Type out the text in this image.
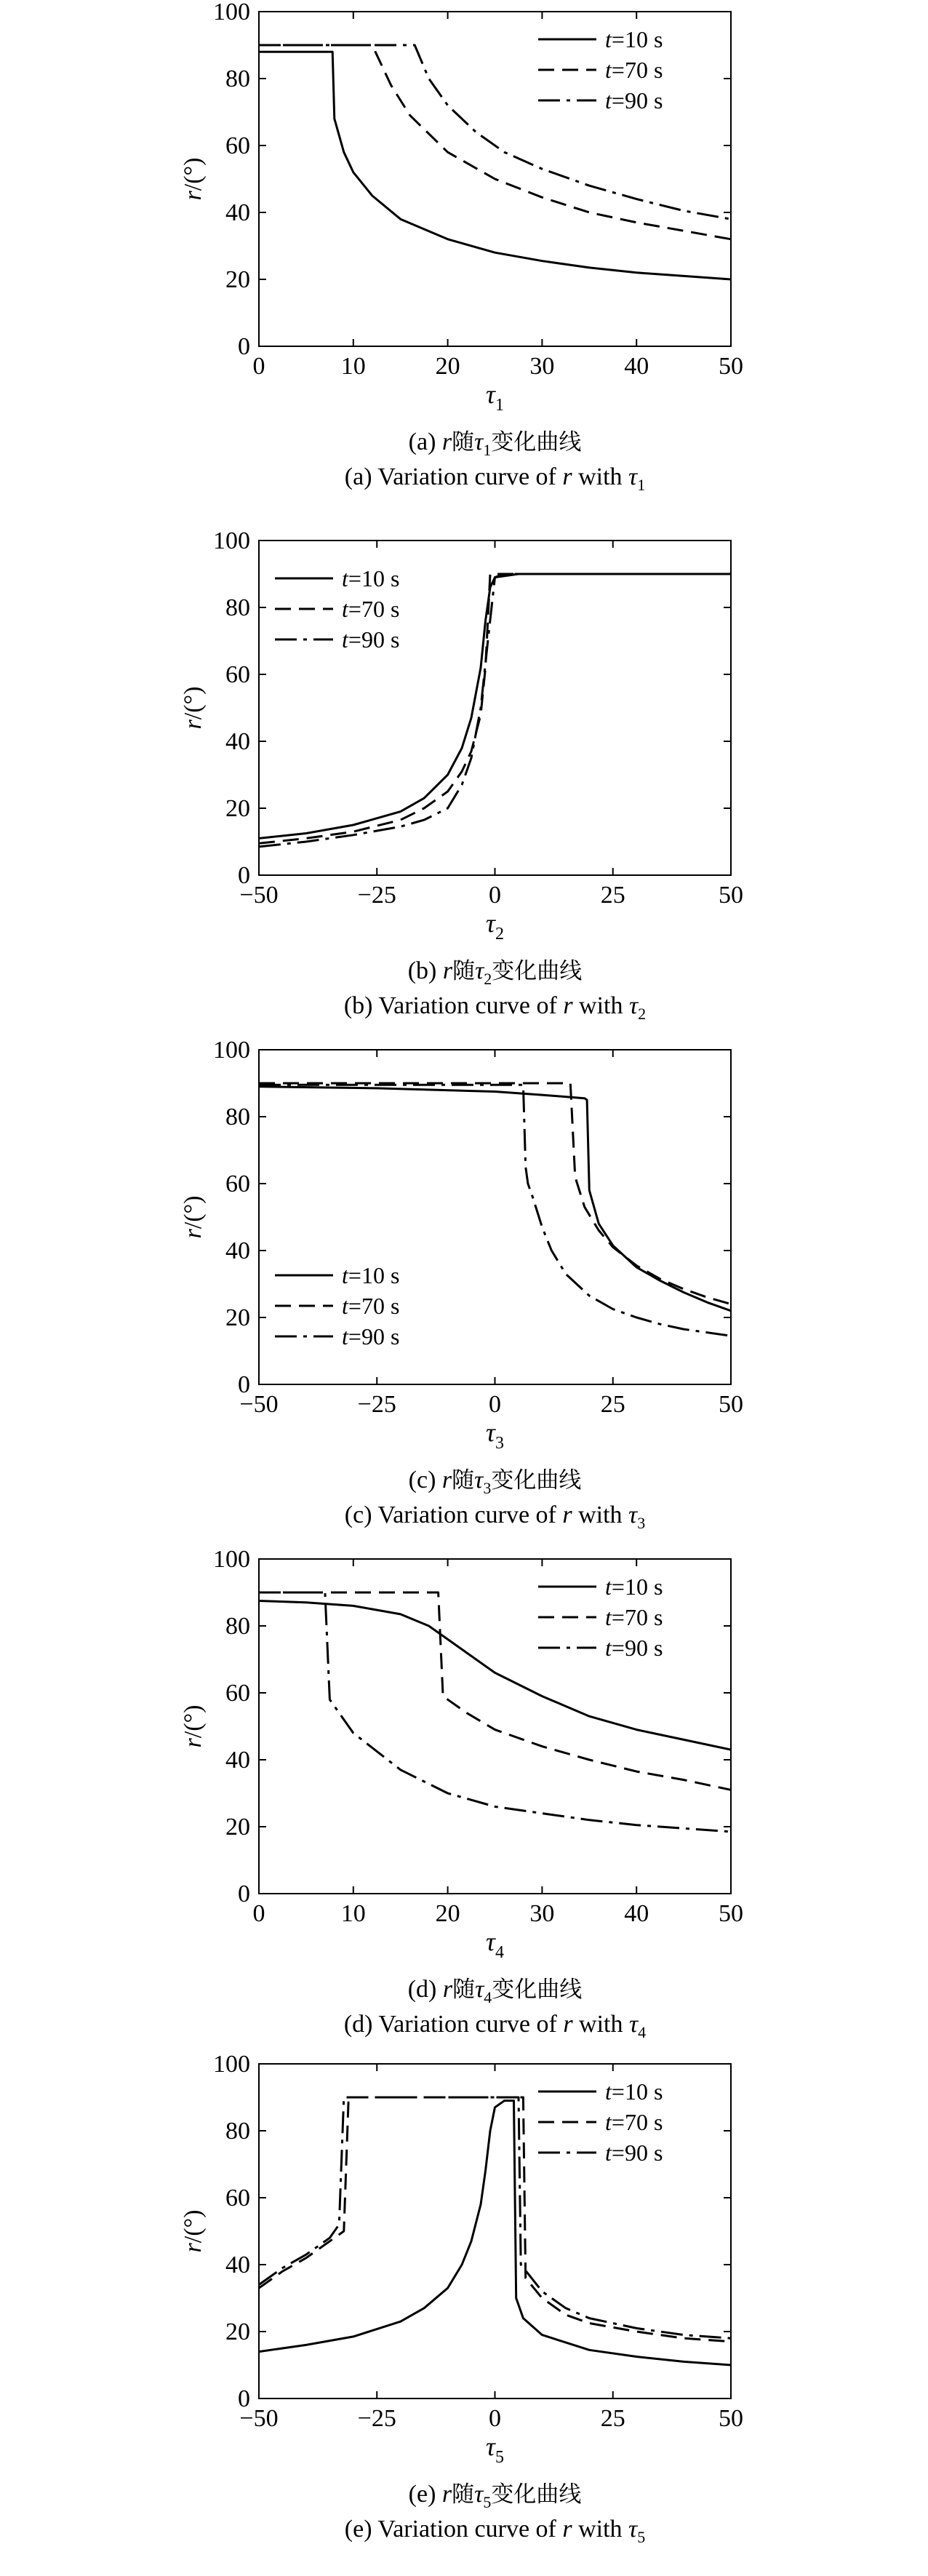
0	10	20	30	40	50
0
20
40
60
80
100
$\tau_1$
r/(°)
t=10 s
t=70 s
t=90 s
(a) r随$\tau_1$变化曲线
(a) Variation curve of r with $\tau_1$
−50	−25	0	25	50
0
20
40
60
80
100
$\tau_2$
r/(°)
t=10 s
t=70 s
t=90 s
(b) r随$\tau_2$变化曲线
(b) Variation curve of r with $\tau_2$
−50	−25	0	25	50
0
20
40
60
80
100
$\tau_3$
r/(°)
t=10 s
t=70 s
t=90 s
(c) r随$\tau_3$变化曲线
(c) Variation curve of r with $\tau_3$
0	10	20	30	40	50
0
20
40
60
80
100
$\tau_4$
r/(°)
t=10 s
t=70 s
t=90 s
(d) r随$\tau_4$变化曲线
(d) Variation curve of r with $\tau_4$
−50	−25	0	25	50
0
20
40
60
80
100
$\tau_5$
r/(°)
t=10 s
t=70 s
t=90 s
(e) r随$\tau_5$变化曲线
(e) Variation curve of r with $\tau_5$
